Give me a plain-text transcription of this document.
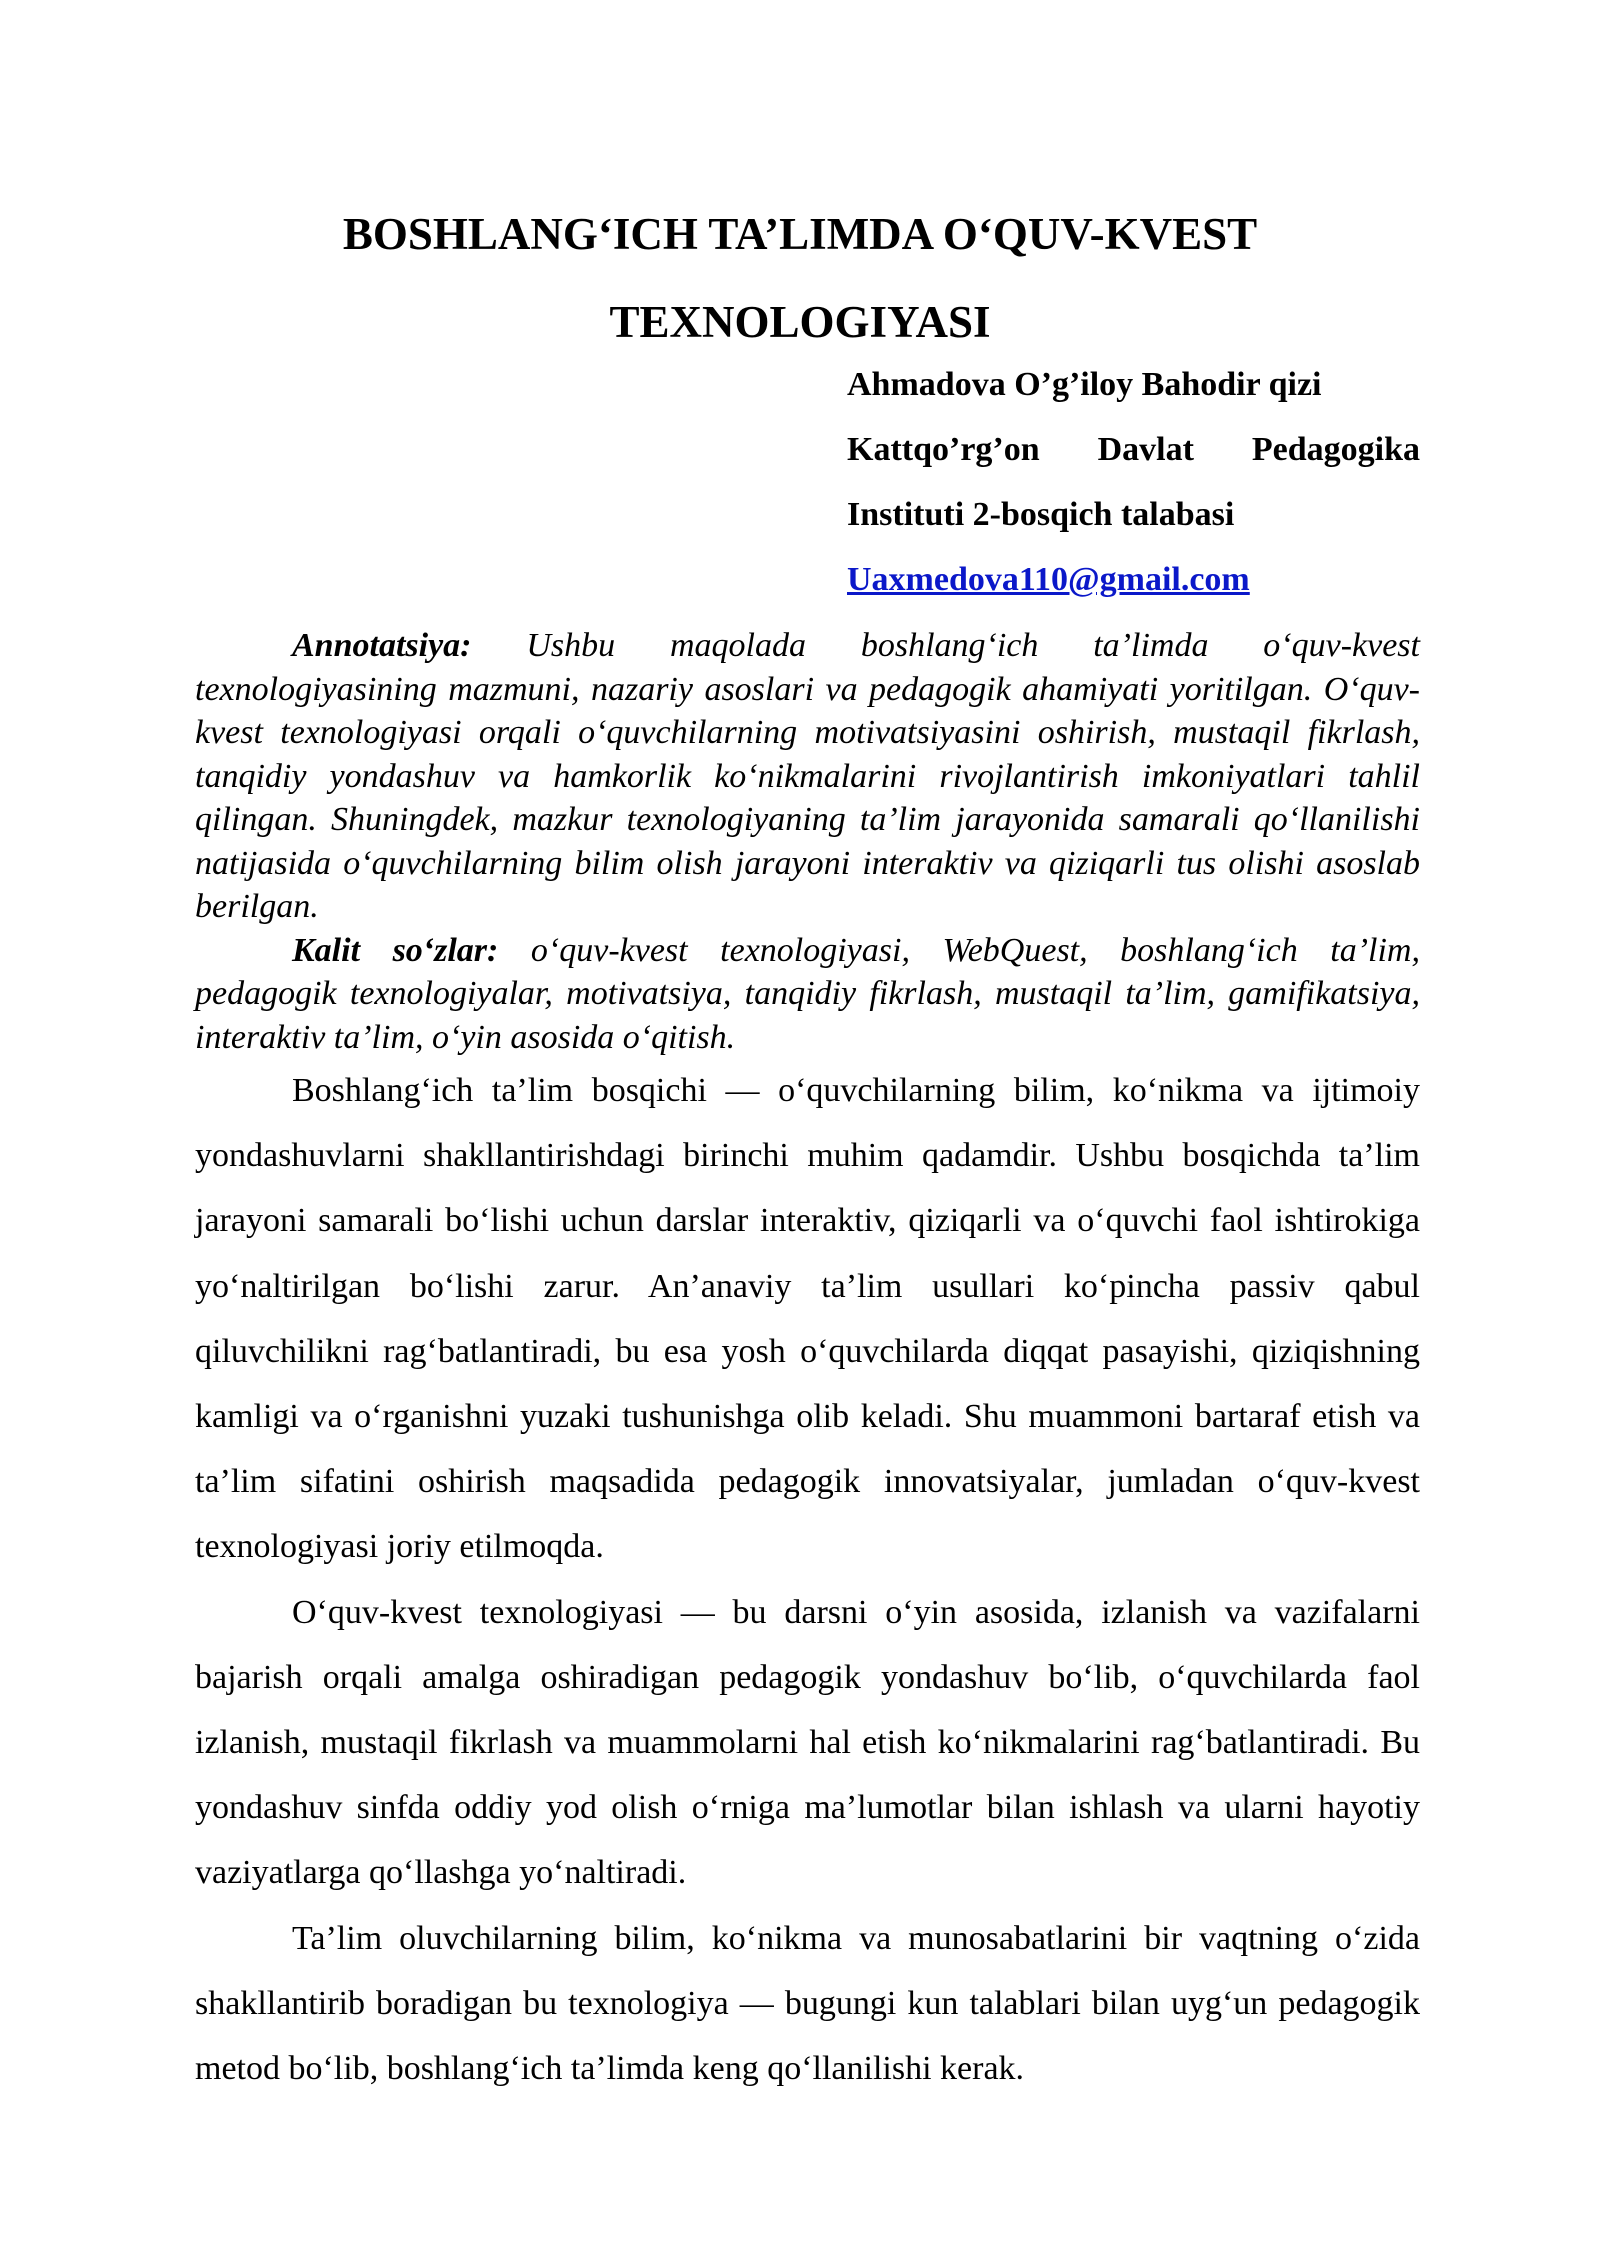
BOSHLANG‘ICH TA’LIMDA O‘QUV-KVEST
TEXNOLOGIYASI
Ahmadova O’g’iloy Bahodir qizi
Kattqo’rg’on Davlat Pedagogika
Instituti 2-bosqich talabasi
Uaxmedova110@gmail.com

Annotatsiya: Ushbu maqolada boshlang‘ich ta’limda o‘quv-kvest texnologiyasining mazmuni, nazariy asoslari va pedagogik ahamiyati yoritilgan. O‘quv-kvest texnologiyasi orqali o‘quvchilarning motivatsiyasini oshirish, mustaqil fikrlash, tanqidiy yondashuv va hamkorlik ko‘nikmalarini rivojlantirish imkoniyatlari tahlil qilingan. Shuningdek, mazkur texnologiyaning ta’lim jarayonida samarali qo‘llanilishi natijasida o‘quvchilarning bilim olish jarayoni interaktiv va qiziqarli tus olishi asoslab berilgan.

Kalit so‘zlar: o‘quv-kvest texnologiyasi, WebQuest, boshlang‘ich ta’lim, pedagogik texnologiyalar, motivatsiya, tanqidiy fikrlash, mustaqil ta’lim, gamifikatsiya, interaktiv ta’lim, o‘yin asosida o‘qitish.

Boshlang‘ich ta’lim bosqichi — o‘quvchilarning bilim, ko‘nikma va ijtimoiy yondashuvlarni shakllantirishdagi birinchi muhim qadamdir. Ushbu bosqichda ta’lim jarayoni samarali bo‘lishi uchun darslar interaktiv, qiziqarli va o‘quvchi faol ishtirokiga yo‘naltirilgan bo‘lishi zarur. An’anaviy ta’lim usullari ko‘pincha passiv qabul qiluvchilikni rag‘batlantiradi, bu esa yosh o‘quvchilarda diqqat pasayishi, qiziqishning kamligi va o‘rganishni yuzaki tushunishga olib keladi. Shu muammoni bartaraf etish va ta’lim sifatini oshirish maqsadida pedagogik innovatsiyalar, jumladan o‘quv-kvest texnologiyasi joriy etilmoqda.

O‘quv-kvest texnologiyasi — bu darsni o‘yin asosida, izlanish va vazifalarni bajarish orqali amalga oshiradigan pedagogik yondashuv bo‘lib, o‘quvchilarda faol izlanish, mustaqil fikrlash va muammolarni hal etish ko‘nikmalarini rag‘batlantiradi. Bu yondashuv sinfda oddiy yod olish o‘rniga ma’lumotlar bilan ishlash va ularni hayotiy vaziyatlarga qo‘llashga yo‘naltiradi.

Ta’lim oluvchilarning bilim, ko‘nikma va munosabatlarini bir vaqtning o‘zida shakllantirib boradigan bu texnologiya — bugungi kun talablari bilan uyg‘un pedagogik metod bo‘lib, boshlang‘ich ta’limda keng qo‘llanilishi kerak.
